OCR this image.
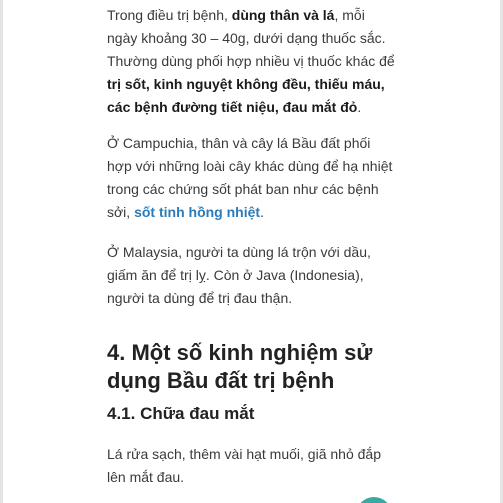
Trong điều trị bệnh, dùng thân và lá, mỗi ngày khoảng 30 – 40g, dưới dạng thuốc sắc. Thường dùng phối hợp nhiều vị thuốc khác để trị sốt, kinh nguyệt không đều, thiếu máu, các bệnh đường tiết niệu, đau mắt đỏ.

Ở Campuchia, thân và cây lá Bầu đất phối hợp với những loài cây khác dùng để hạ nhiệt trong các chứng sốt phát ban như các bệnh sởi, sốt tinh hồng nhiệt.

Ở Malaysia, người ta dùng lá trộn với dầu, giấm ăn để trị lỵ. Còn ở Java (Indonesia), người ta dùng để trị đau thận.

4. Một số kinh nghiệm sử dụng Bầu đất trị bệnh
4.1. Chữa đau mắt

Lá rửa sạch, thêm vài hạt muối, giã nhỏ đắp lên mắt đau.
